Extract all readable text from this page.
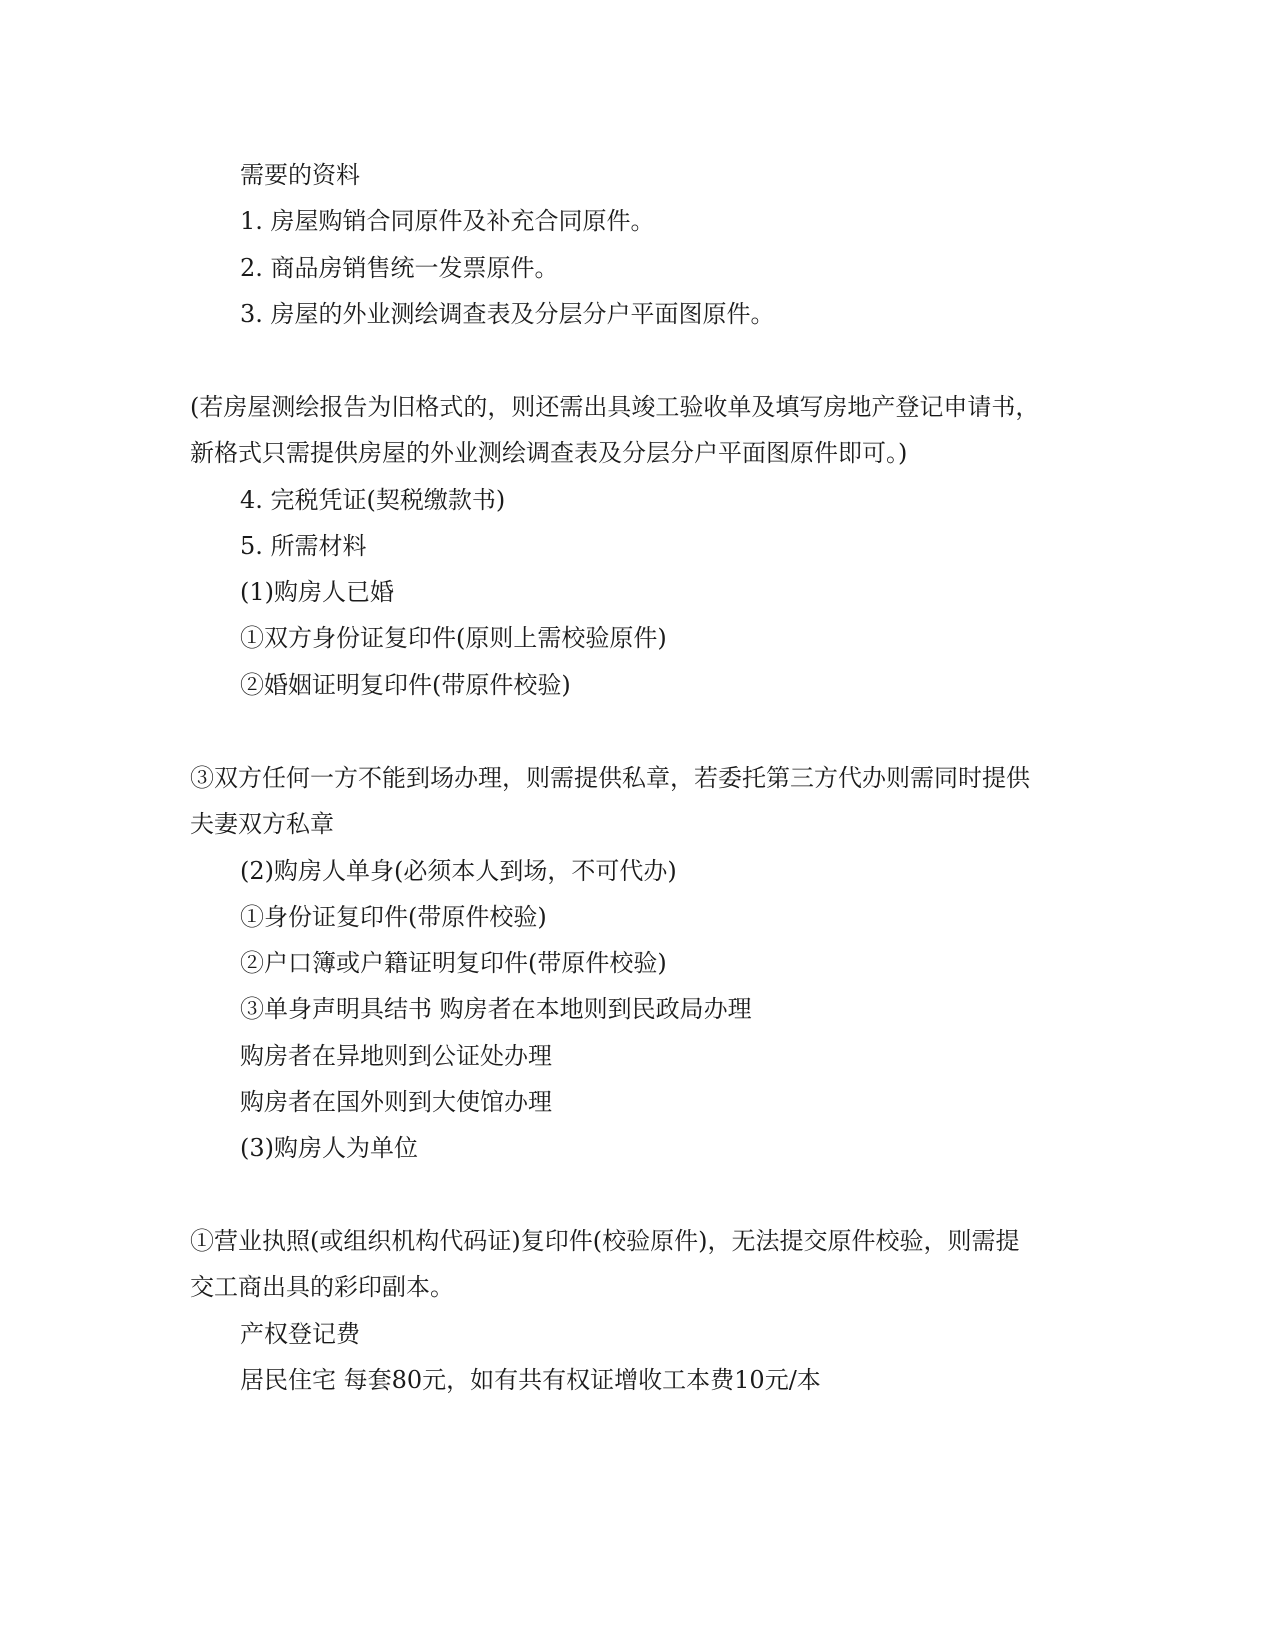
需要的资料
1. 房屋购销合同原件及补充合同原件。
2. 商品房销售统一发票原件。
3. 房屋的外业测绘调查表及分层分户平面图原件。
(若房屋测绘报告为旧格式的，则还需出具竣工验收单及填写房地产登记申请书，
新格式只需提供房屋的外业测绘调查表及分层分户平面图原件即可。)
4. 完税凭证(契税缴款书)
5. 所需材料
(1)购房人已婚
①双方身份证复印件(原则上需校验原件)
②婚姻证明复印件(带原件校验)
③双方任何一方不能到场办理，则需提供私章，若委托第三方代办则需同时提供
夫妻双方私章
(2)购房人单身(必须本人到场，不可代办)
①身份证复印件(带原件校验)
②户口簿或户籍证明复印件(带原件校验)
③单身声明具结书 购房者在本地则到民政局办理
购房者在异地则到公证处办理
购房者在国外则到大使馆办理
(3)购房人为单位
①营业执照(或组织机构代码证)复印件(校验原件)，无法提交原件校验，则需提
交工商出具的彩印副本。
产权登记费
居民住宅 每套80元，如有共有权证增收工本费10元/本
